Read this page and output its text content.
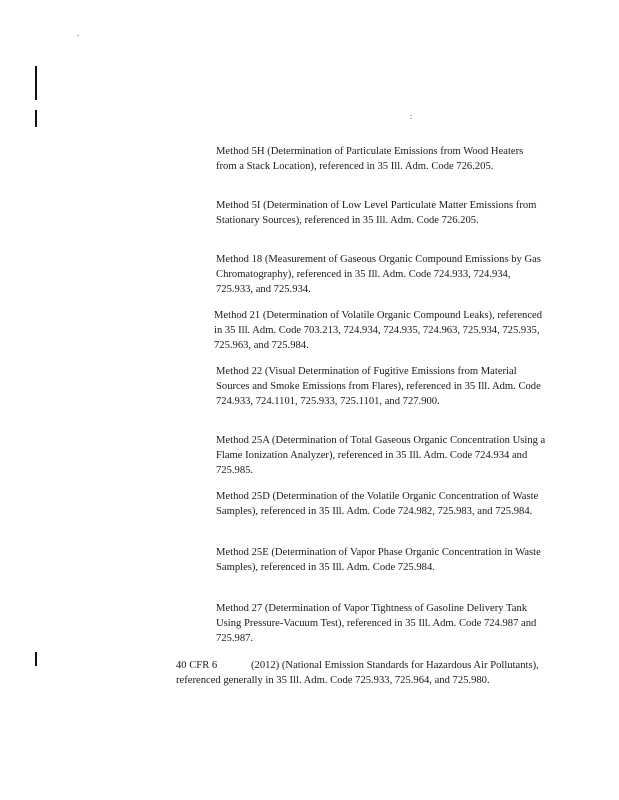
.
:

Method 5H (Determination of Particulate Emissions from Wood Heaters from a Stack Location), referenced in 35 Ill. Adm. Code 726.205.

Method 5I (Determination of Low Level Particulate Matter Emissions from Stationary Sources), referenced in 35 Ill. Adm. Code 726.205.

Method 18 (Measurement of Gaseous Organic Compound Emissions by Gas Chromatography), referenced in 35 Ill. Adm. Code 724.933, 724.934, 725.933, and 725.934.

Method 21 (Determination of Volatile Organic Compound Leaks), referenced in 35 Ill. Adm. Code 703.213, 724.934, 724.935, 724.963, 725.934, 725.935, 725.963, and 725.984.

Method 22 (Visual Determination of Fugitive Emissions from Material Sources and Smoke Emissions from Flares), referenced in 35 Ill. Adm. Code 724.933, 724.1101, 725.933, 725.1101, and 727.900.

Method 25A (Determination of Total Gaseous Organic Concentration Using a Flame Ionization Analyzer), referenced in 35 Ill. Adm. Code 724.934 and 725.985.

Method 25D (Determination of the Volatile Organic Concentration of Waste Samples), referenced in 35 Ill. Adm. Code 724.982, 725.983, and 725.984.

Method 25E (Determination of Vapor Phase Organic Concentration in Waste Samples), referenced in 35 Ill. Adm. Code 725.984.

Method 27 (Determination of Vapor Tightness of Gasoline Delivery Tank Using Pressure-Vacuum Test), referenced in 35 Ill. Adm. Code 724.987 and 725.987.

40 CFR 6	(2012) (National Emission Standards for Hazardous Air Pollutants), referenced generally in 35 Ill. Adm. Code 725.933, 725.964, and 725.980.
